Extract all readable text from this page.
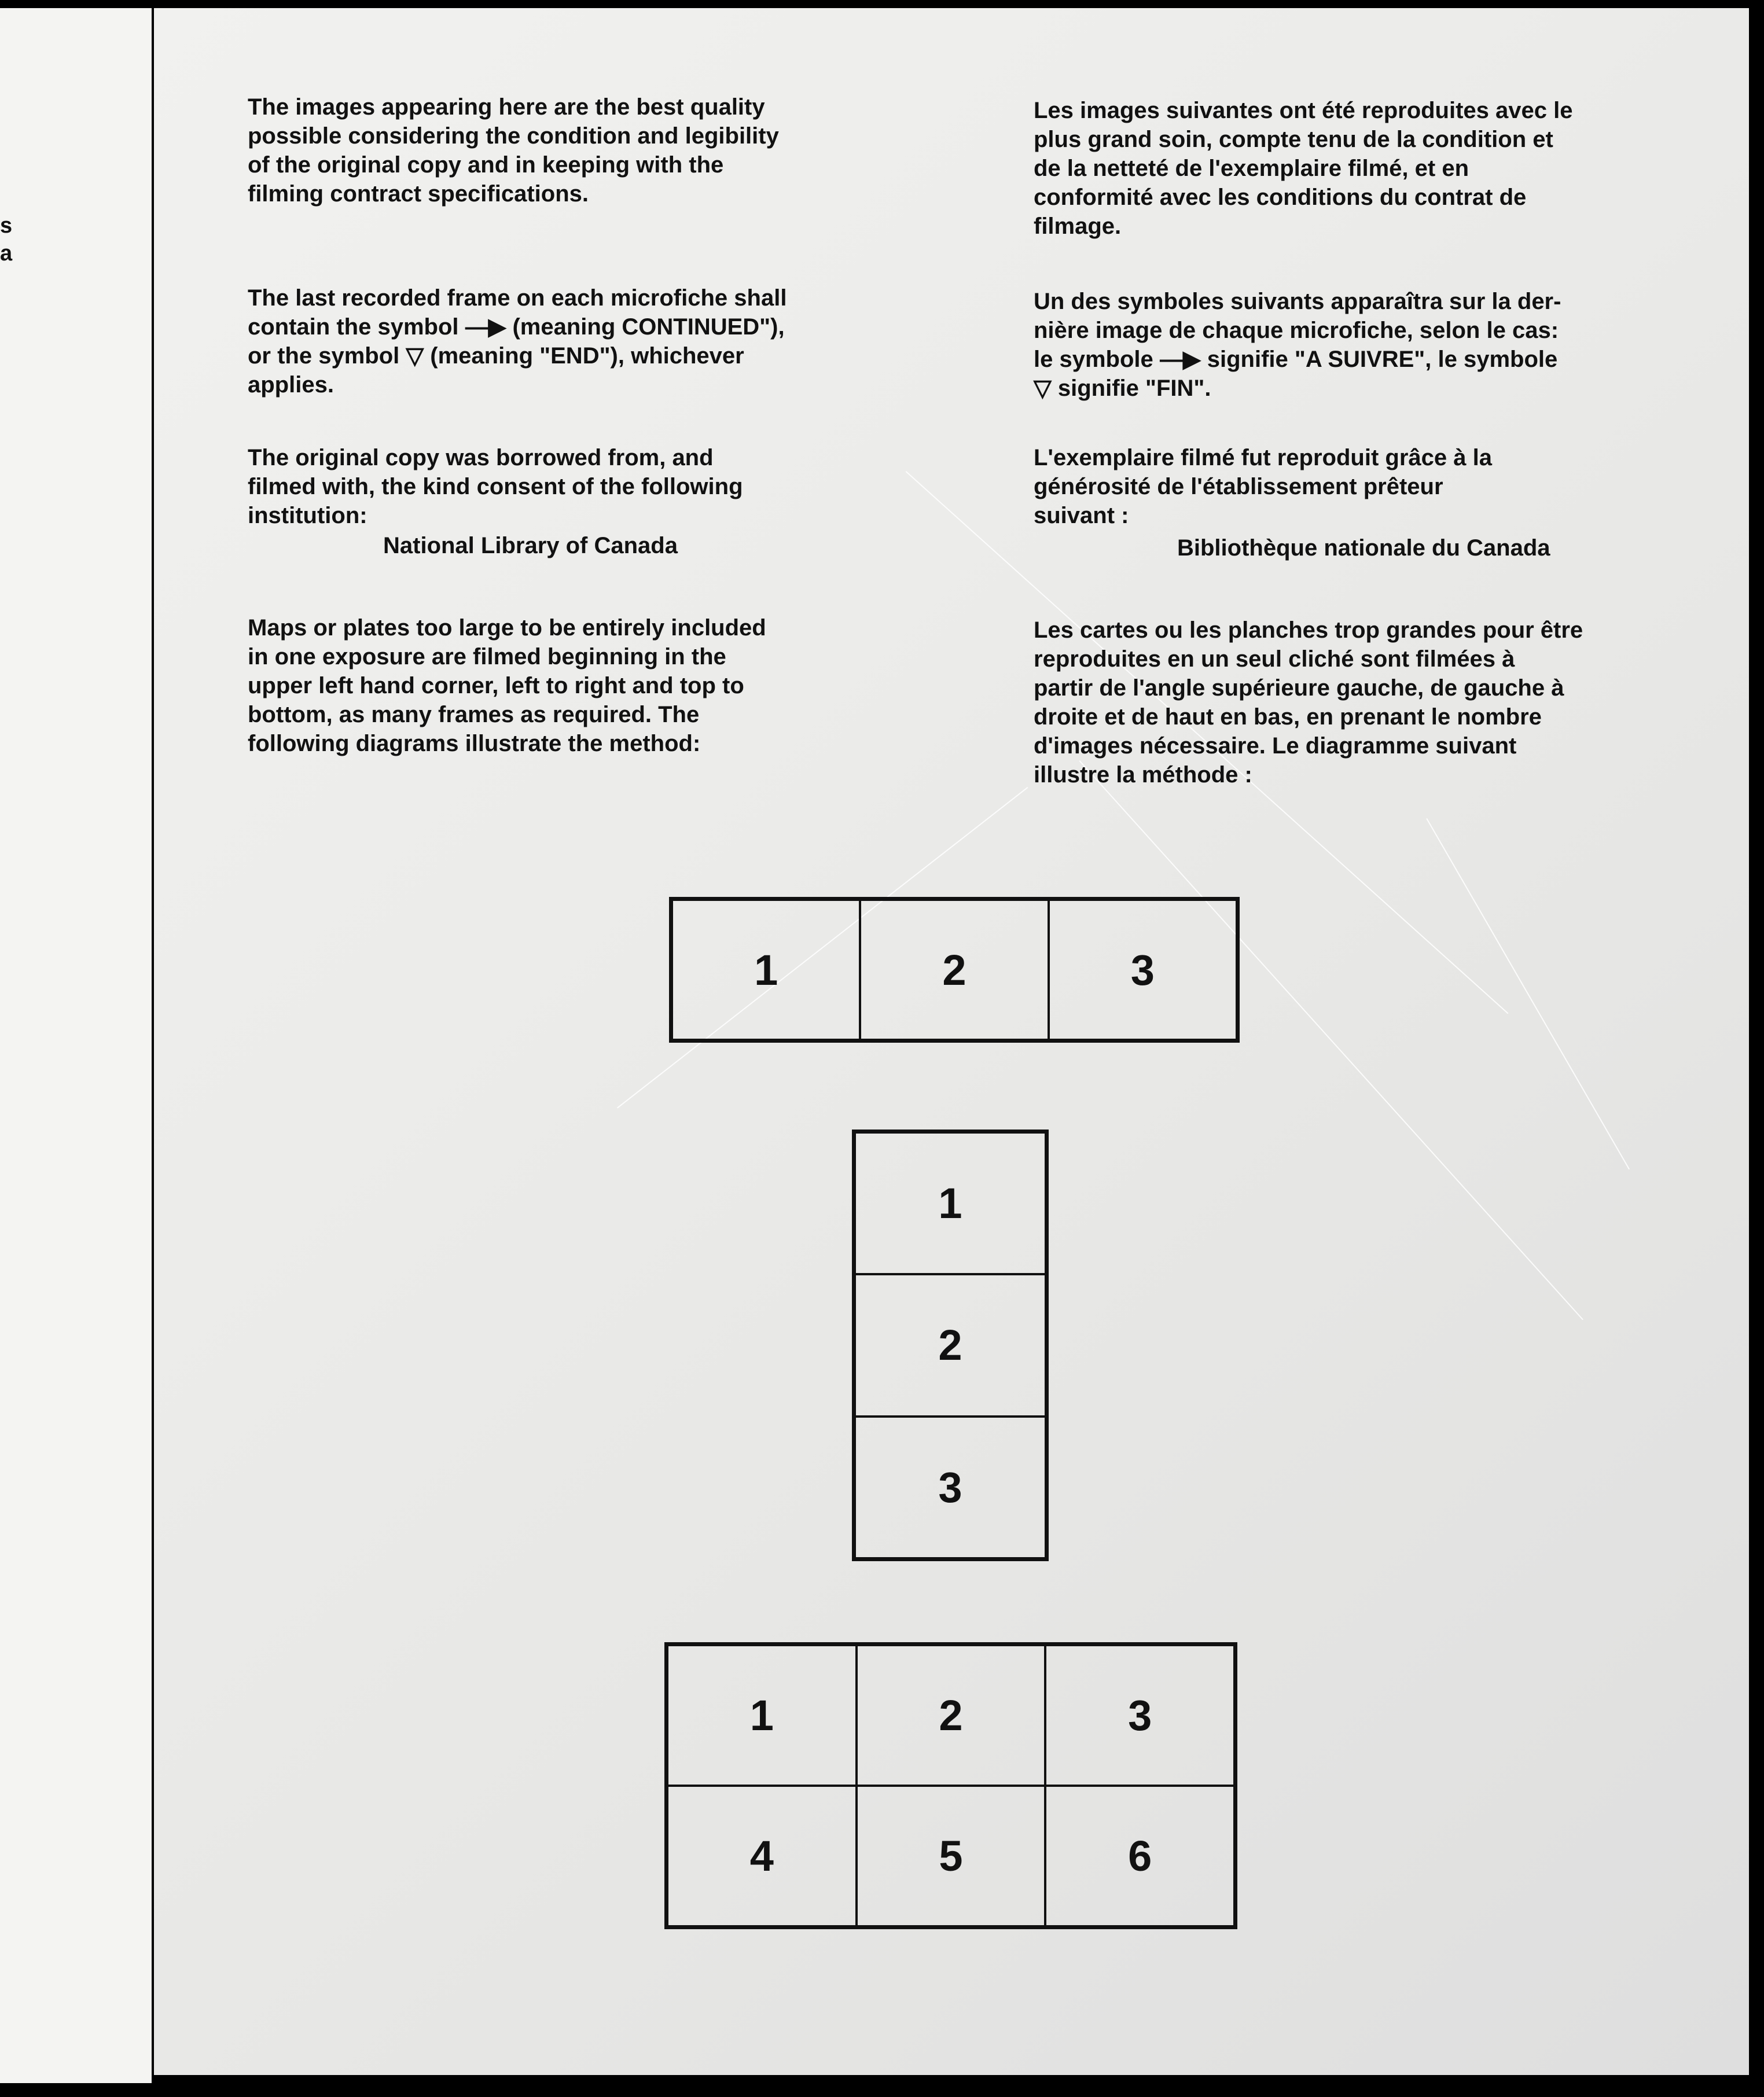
s
a
The images appearing here are the best quality
possible considering the condition and legibility
of the original copy and in keeping with the
filming contract specifications.
The last recorded frame on each microfiche shall
contain the symbol —▶ (meaning CONTINUED"),
or the symbol ▽ (meaning "END"), whichever
applies.
The original copy was borrowed from, and
filmed with, the kind consent of the following
institution:
National Library of Canada
Maps or plates too large to be entirely included
in one exposure are filmed beginning in the
upper left hand corner, left to right and top to
bottom, as many frames as required. The
following diagrams illustrate the method:
Les images suivantes ont été reproduites avec le
plus grand soin, compte tenu de la condition et
de la netteté de l'exemplaire filmé, et en
conformité avec les conditions du contrat de
filmage.
Un des symboles suivants apparaîtra sur la der-
nière image de chaque microfiche, selon le cas:
le symbole —▶ signifie "A SUIVRE", le symbole
▽ signifie "FIN".
L'exemplaire filmé fut reproduit grâce à la
générosité de l'établissement prêteur
suivant :
Bibliothèque nationale du Canada
Les cartes ou les planches trop grandes pour être
reproduites en un seul cliché sont filmées à
partir de l'angle supérieure gauche, de gauche à
droite et de haut en bas, en prenant le nombre
d'images nécessaire. Le diagramme suivant
illustre la méthode :
1	2	3
1
2
3
1	2	3
4	5	6
